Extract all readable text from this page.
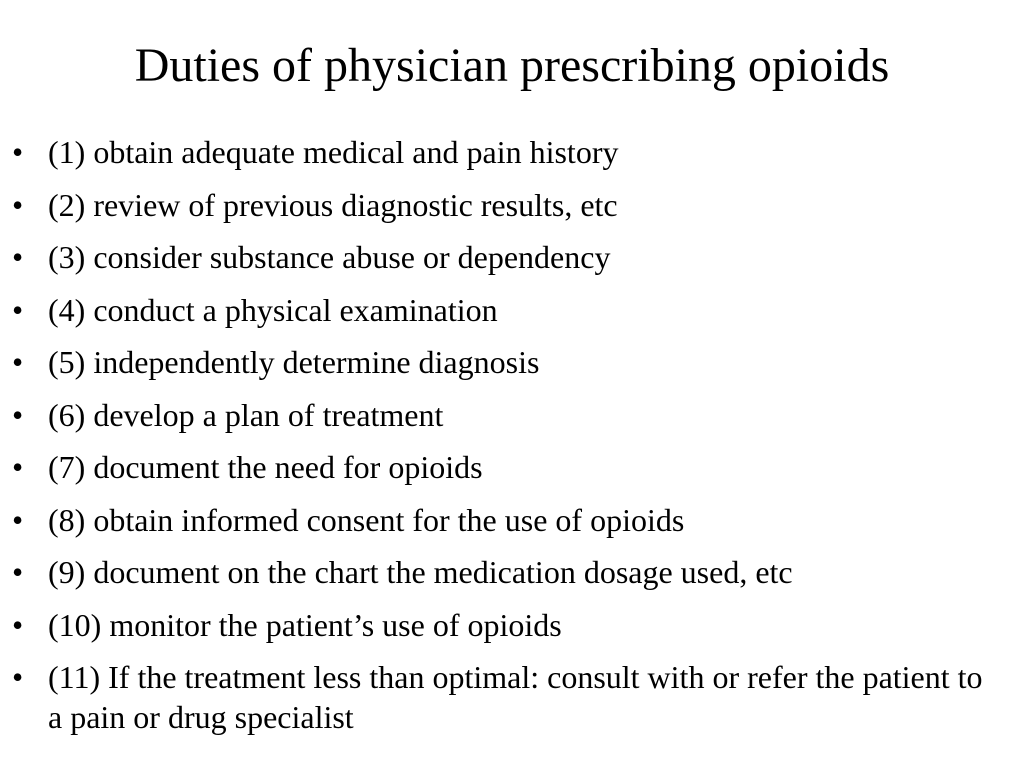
Duties of physician prescribing opioids
• (1) obtain adequate medical and pain history
• (2) review of previous diagnostic results, etc
• (3) consider substance abuse or dependency
• (4) conduct a physical examination
• (5) independently determine diagnosis
• (6) develop a plan of treatment
• (7) document the need for opioids
• (8) obtain informed consent for the use of opioids
• (9) document on the chart the medication dosage used, etc
• (10) monitor the patient’s use of opioids
• (11) If the treatment less than optimal: consult with or refer the patient to a pain or drug specialist
